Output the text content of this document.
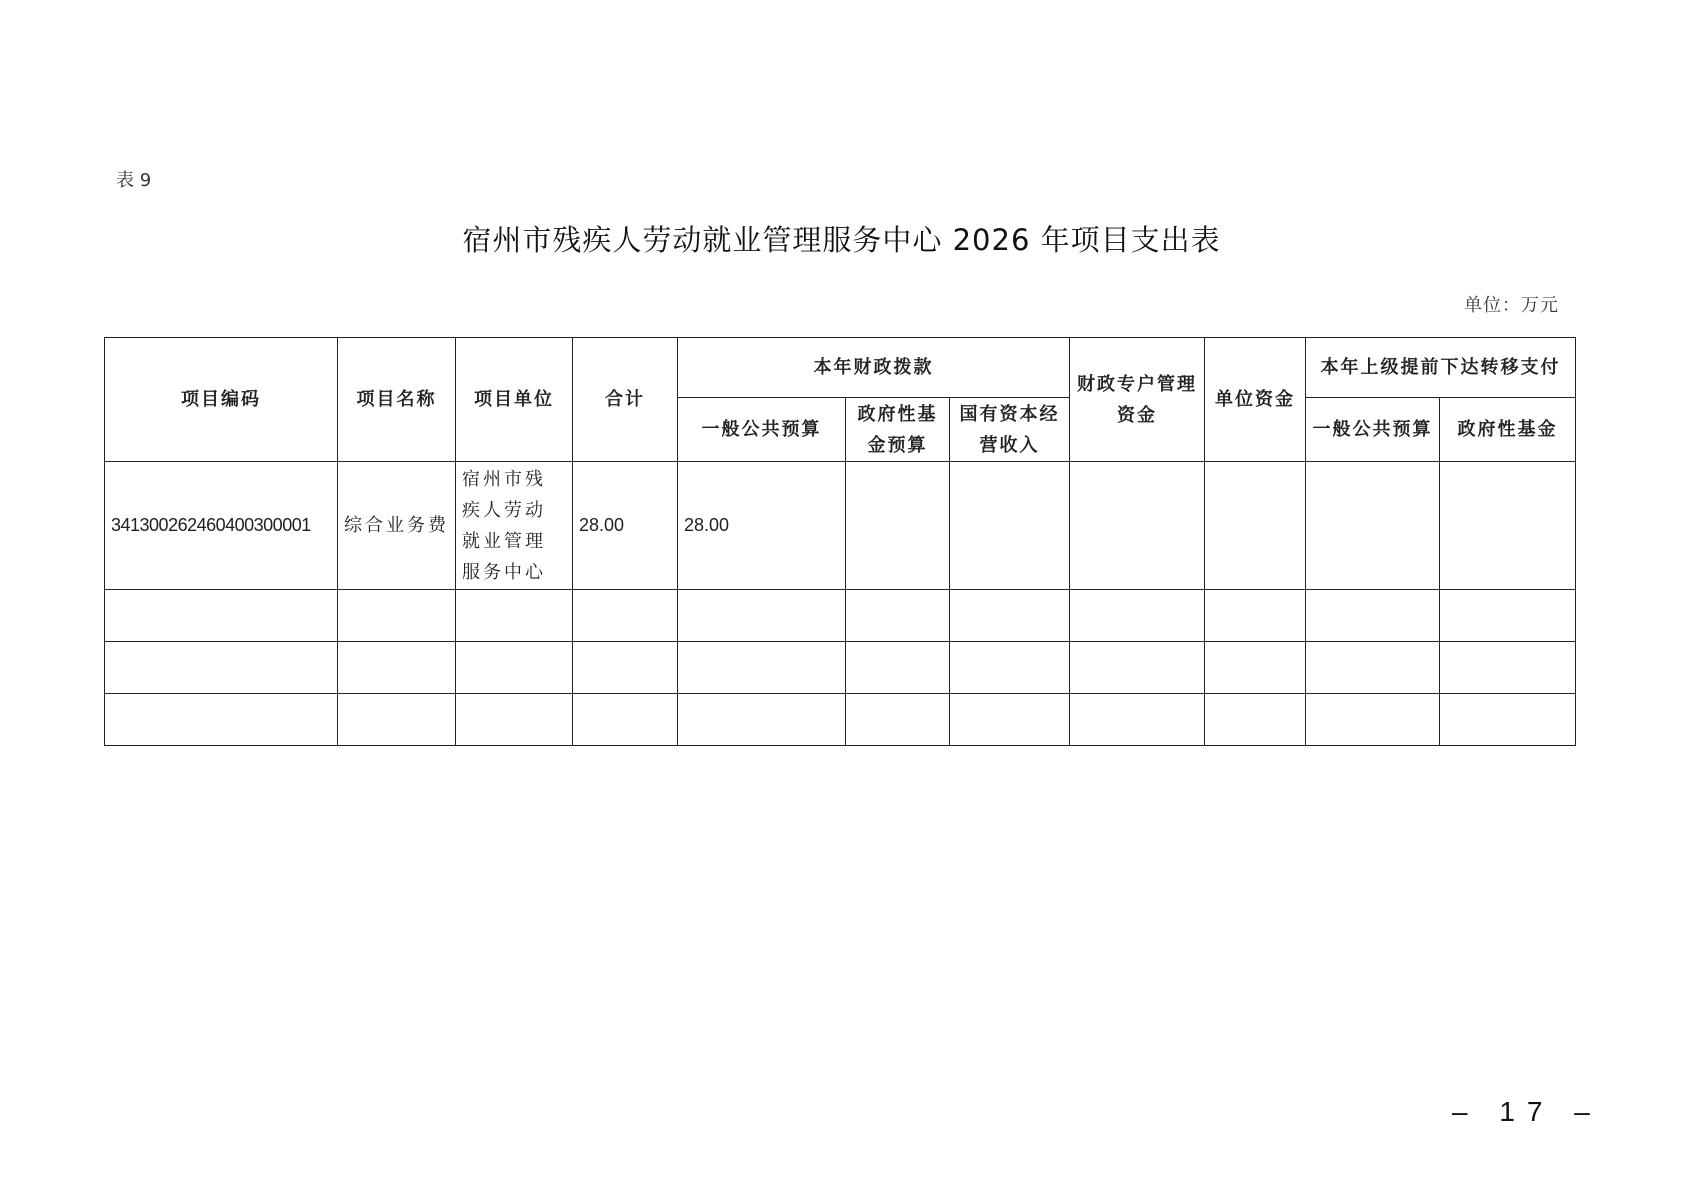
表 9
宿州市残疾人劳动就业管理服务中心 2026 年项目支出表
单位：万元
项目编码	项目名称	项目单位	合计	本年财政拨款			财政专户管理资金	单位资金	本年上级提前下达转移支付	
				一般公共预算	政府性基金预算	国有资本经营收入			一般公共预算	政府性基金
341300262460400300001	综合业务费	宿州市残疾人劳动就业管理服务中心	28.00	28.00						

– 17 –
